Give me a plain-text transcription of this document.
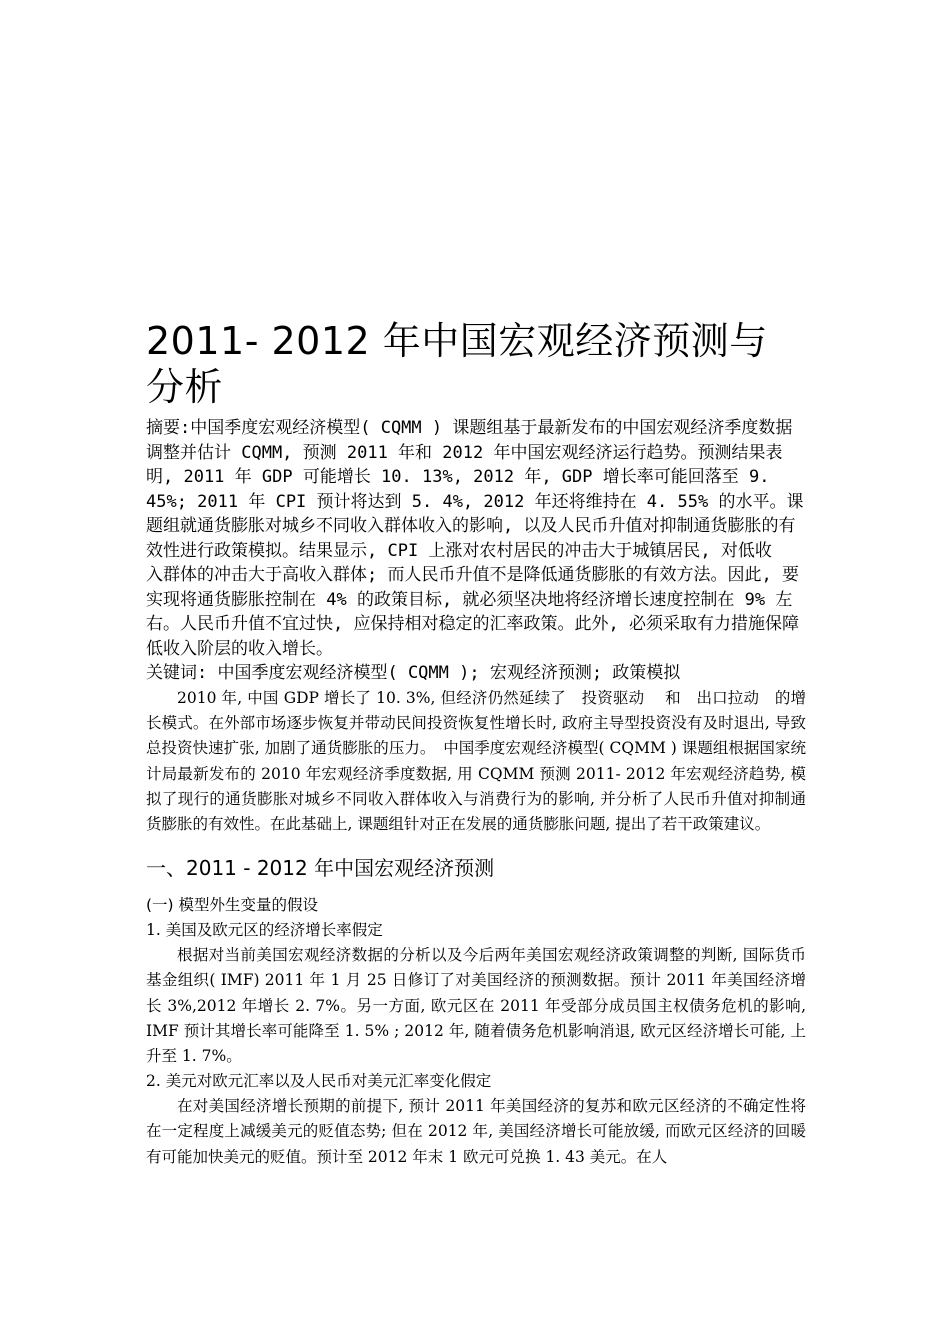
2011- 2012 年中国宏观经济预测与分析

摘要:中国季度宏观经济模型( CQMM ) 课题组基于最新发布的中国宏观经济季度数据调整并估计 CQMM, 预测 2011 年和 2012 年中国宏观经济运行趋势。预测结果表明, 2011 年 GDP 可能增长 10. 13%, 2012 年, GDP 增长率可能回落至 9. 45%; 2011 年 CPI 预计将达到 5. 4%, 2012 年还将维持在 4. 55% 的水平。课题组就通货膨胀对城乡不同收入群体收入的影响, 以及人民币升值对抑制通货膨胀的有效性进行政策模拟。结果显示, CPI 上涨对农村居民的冲击大于城镇居民, 对低收

入群体的冲击大于高收入群体; 而人民币升值不是降低通货膨胀的有效方法。因此, 要实现将通货膨胀控制在 4% 的政策目标, 就必须坚决地将经济增长速度控制在 9% 左右。人民币升值不宜过快, 应保持相对稳定的汇率政策。此外, 必须采取有力措施保障低收入阶层的收入增长。

关键词: 中国季度宏观经济模型( CQMM ); 宏观经济预测; 政策模拟

2010 年, 中国 GDP 增长了 10. 3%, 但经济仍然延续了　投资驱动　 和　出口拉动　的增长模式。在外部市场逐步恢复并带动民间投资恢复性增长时, 政府主导型投资没有及时退出, 导致总投资快速扩张, 加剧了通货膨胀的压力。　中国季度宏观经济模型( CQMM ) 课题组根据国家统计局最新发布的 2010 年宏观经济季度数据, 用 CQMM 预测 2011- 2012 年宏观经济趋势, 模拟了现行的通货膨胀对城乡不同收入群体收入与消费行为的影响, 并分析了人民币升值对抑制通货膨胀的有效性。在此基础上, 课题组针对正在发展的通货膨胀问题, 提出了若干政策建议。

一、2011 - 2012 年中国宏观经济预测

(一) 模型外生变量的假设

1. 美国及欧元区的经济增长率假定

根据对当前美国宏观经济数据的分析以及今后两年美国宏观经济政策调整的判断, 国际货币基金组织( IMF) 2011 年 1 月 25 日修订了对美国经济的预测数据。预计 2011 年美国经济增长 3%,2012 年增长 2. 7%。另一方面, 欧元区在 2011 年受部分成员国主权债务危机的影响, IMF 预计其增长率可能降至 1. 5% ; 2012 年, 随着债务危机影响消退, 欧元区经济增长可能, 上升至 1. 7%。

2. 美元对欧元汇率以及人民币对美元汇率变化假定

在对美国经济增长预期的前提下, 预计 2011 年美国经济的复苏和欧元区经济的不确定性将在一定程度上减缓美元的贬值态势; 但在 2012 年, 美国经济增长可能放缓, 而欧元区经济的回暖有可能加快美元的贬值。预计至 2012 年末 1 欧元可兑换 1. 43 美元。在人
